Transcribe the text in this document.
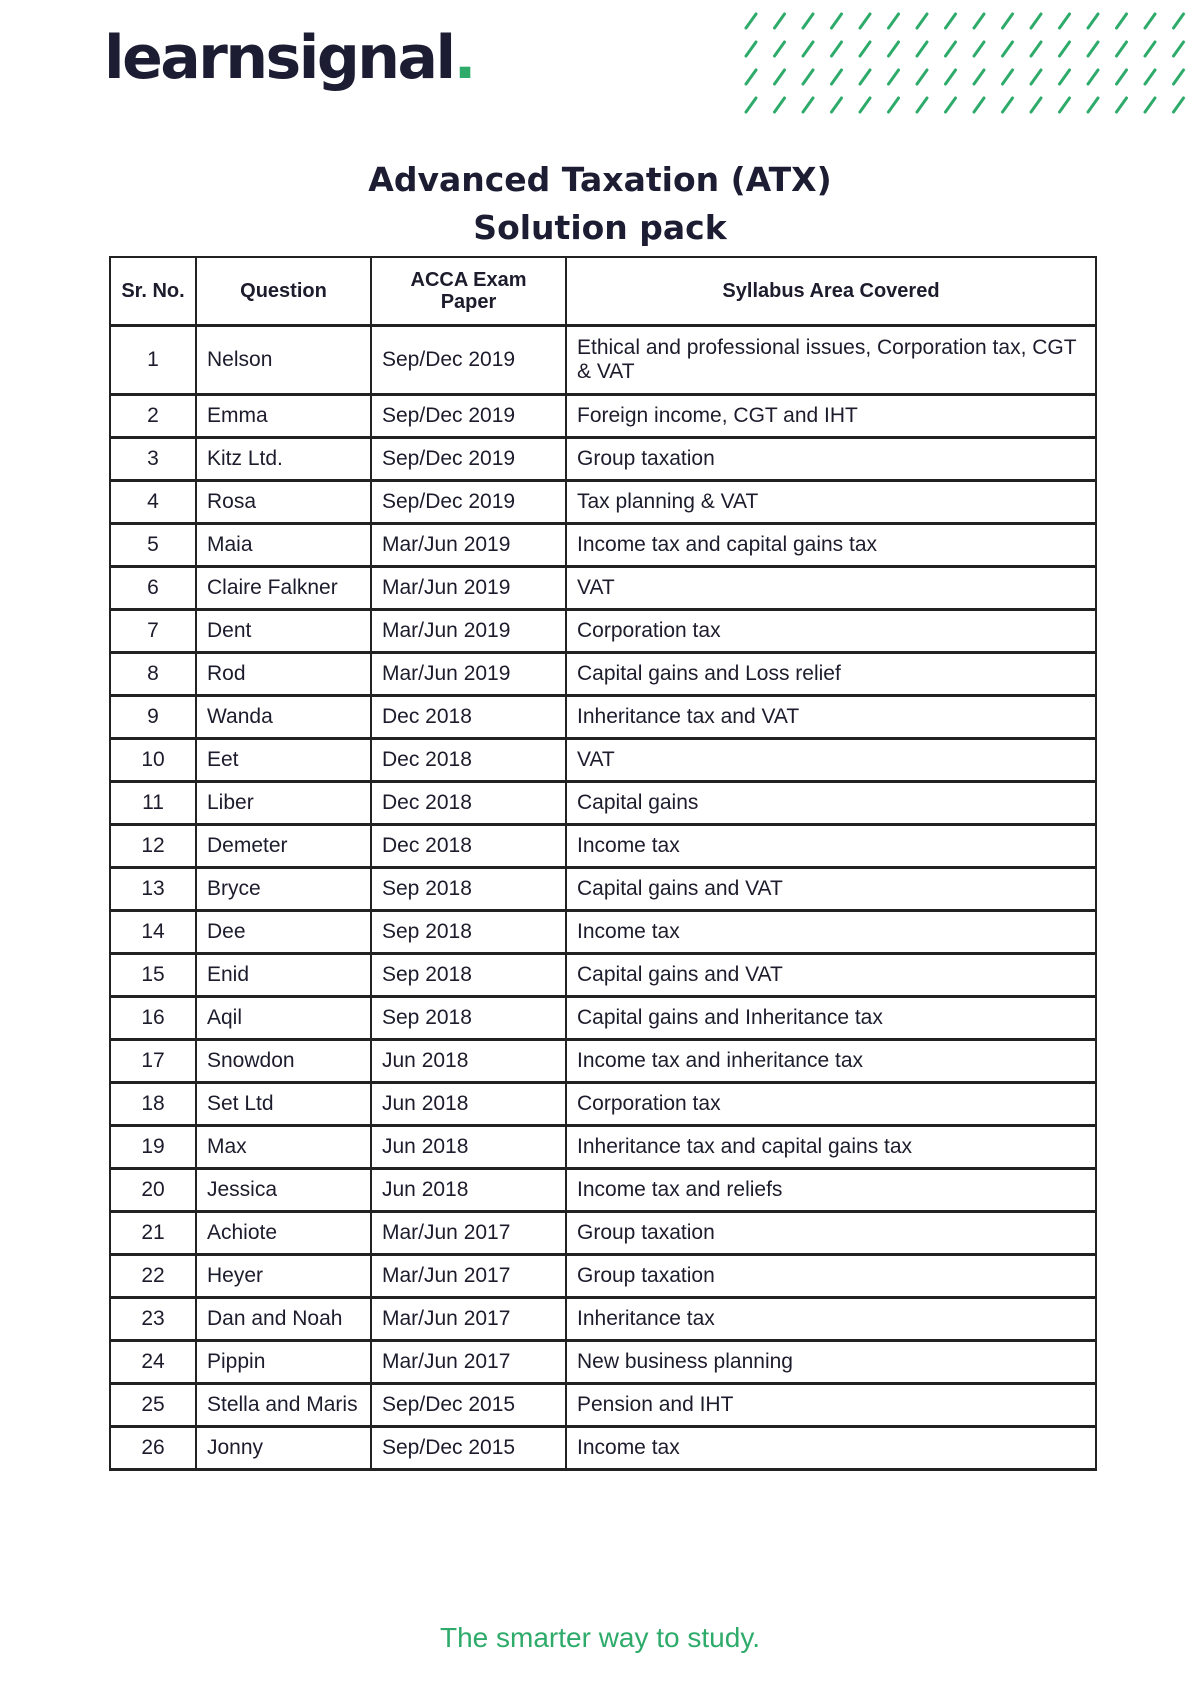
learnsignal.
Advanced Taxation (ATX)
Solution pack
Sr. No.	Question	ACCA Exam Paper	Syllabus Area Covered
1	Nelson	Sep/Dec 2019	Ethical and professional issues, Corporation tax, CGT & VAT
2	Emma	Sep/Dec 2019	Foreign income, CGT and IHT
3	Kitz Ltd.	Sep/Dec 2019	Group taxation
4	Rosa	Sep/Dec 2019	Tax planning & VAT
5	Maia	Mar/Jun 2019	Income tax and capital gains tax
6	Claire Falkner	Mar/Jun 2019	VAT
7	Dent	Mar/Jun 2019	Corporation tax
8	Rod	Mar/Jun 2019	Capital gains and Loss relief
9	Wanda	Dec 2018	Inheritance tax and VAT
10	Eet	Dec 2018	VAT
11	Liber	Dec 2018	Capital gains
12	Demeter	Dec 2018	Income tax
13	Bryce	Sep 2018	Capital gains and VAT
14	Dee	Sep 2018	Income tax
15	Enid	Sep 2018	Capital gains and VAT
16	Aqil	Sep 2018	Capital gains and Inheritance tax
17	Snowdon	Jun 2018	Income tax and inheritance tax
18	Set Ltd	Jun 2018	Corporation tax
19	Max	Jun 2018	Inheritance tax and capital gains tax
20	Jessica	Jun 2018	Income tax and reliefs
21	Achiote	Mar/Jun 2017	Group taxation
22	Heyer	Mar/Jun 2017	Group taxation
23	Dan and Noah	Mar/Jun 2017	Inheritance tax
24	Pippin	Mar/Jun 2017	New business planning
25	Stella and Maris	Sep/Dec 2015	Pension and IHT
26	Jonny	Sep/Dec 2015	Income tax
The smarter way to study.
